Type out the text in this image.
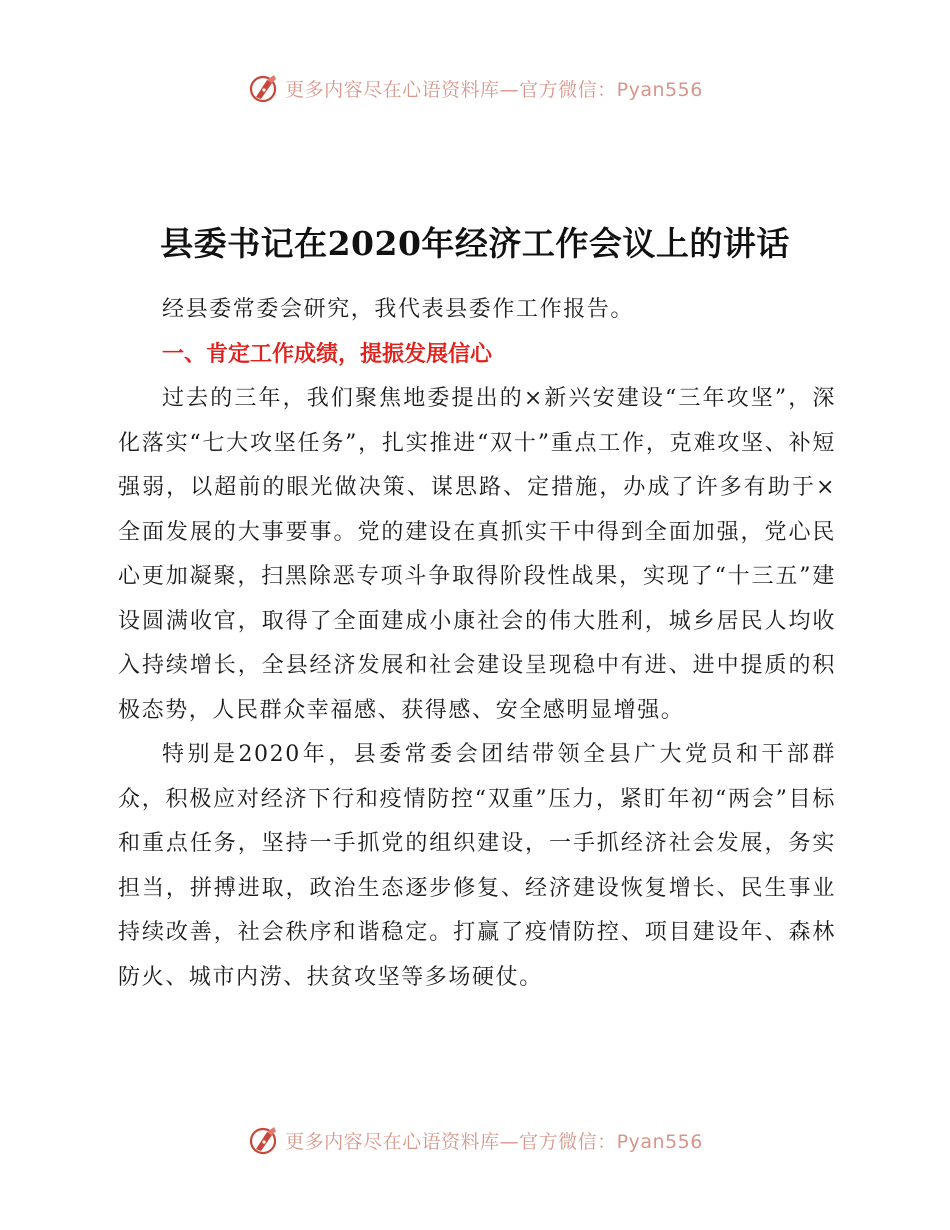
更多内容尽在心语资料库—官方微信：Pyan556
县委书记在2020年经济工作会议上的讲话

经县委常委会研究，我代表县委作工作报告。

一、肯定工作成绩，提振发展信心

过去的三年，我们聚焦地委提出的×新兴安建设“三年攻坚”，深化落实“七大攻坚任务”，扎实推进“双十”重点工作，克难攻坚、补短强弱，以超前的眼光做决策、谋思路、定措施，办成了许多有助于×全面发展的大事要事。党的建设在真抓实干中得到全面加强，党心民心更加凝聚，扫黑除恶专项斗争取得阶段性战果，实现了“十三五”建设圆满收官，取得了全面建成小康社会的伟大胜利，城乡居民人均收入持续增长，全县经济发展和社会建设呈现稳中有进、进中提质的积极态势，人民群众幸福感、获得感、安全感明显增强。

特别是2020年，县委常委会团结带领全县广大党员和干部群众，积极应对经济下行和疫情防控“双重”压力，紧盯年初“两会”目标和重点任务，坚持一手抓党的组织建设，一手抓经济社会发展，务实担当，拼搏进取，政治生态逐步修复、经济建设恢复增长、民生事业持续改善，社会秩序和谐稳定。打赢了疫情防控、项目建设年、森林防火、城市内涝、扶贫攻坚等多场硬仗。

更多内容尽在心语资料库—官方微信：Pyan556
